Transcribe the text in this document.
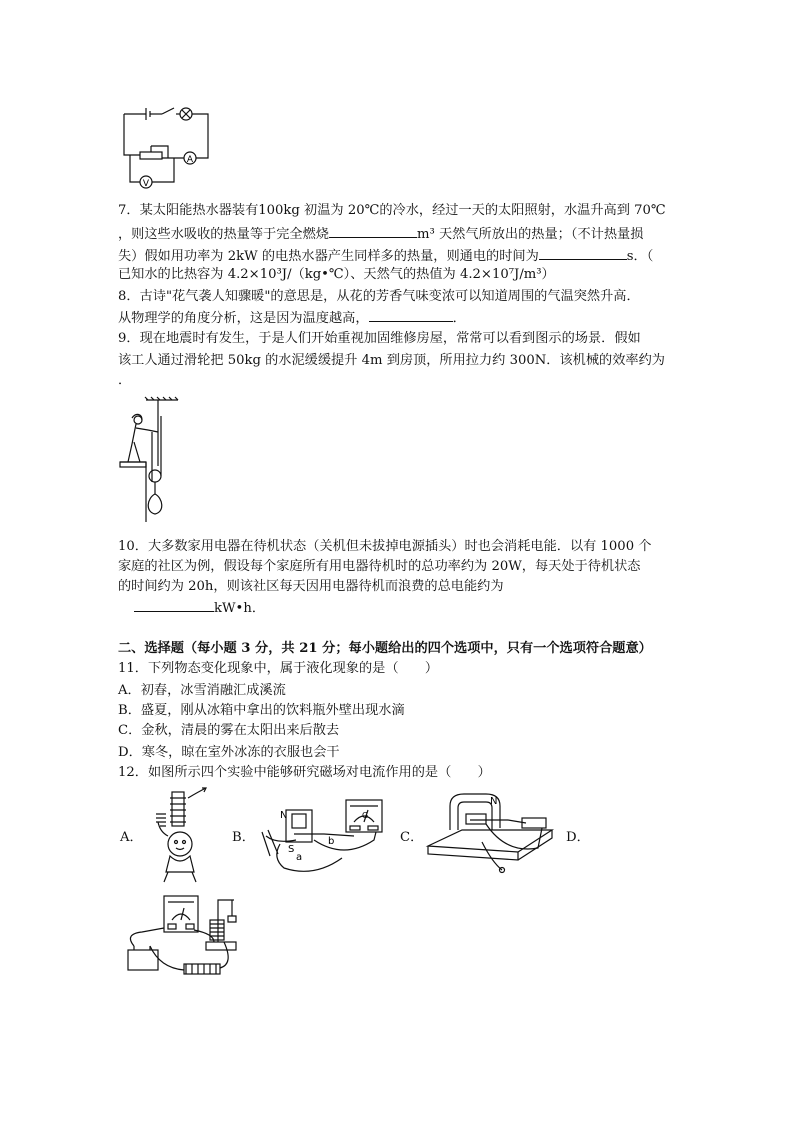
A
V
7．某太阳能热水器装有100kg 初温为 20℃的冷水，经过一天的太阳照射，水温升高到 70℃
，则这些水吸收的热量等于完全燃烧	m³ 天然气所放出的热量；（不计热量损
失）假如用功率为 2kW 的电热水器产生同样多的热量，则通电的时间为	s．（
已知水的比热容为 4.2×10³J/（kg•℃）、天然气的热值为 4.2×10⁷J/m³）
8．古诗"花气袭人知骤暖"的意思是，从花的芳香气味变浓可以知道周围的气温突然升高．
从物理学的角度分析，这是因为温度越高，	．
9．现在地震时有发生，于是人们开始重视加固维修房屋，常常可以看到图示的场景．假如
该工人通过滑轮把 50kg 的水泥缓缓提升 4m 到房顶，所用拉力约 300N．该机械的效率约为
．
10．大多数家用电器在待机状态（关机但未拔掉电源插头）时也会消耗电能．以有 1000 个
家庭的社区为例，假设每个家庭所有用电器待机时的总功率约为 20W，每天处于待机状态
的时间约为 20h，则该社区每天因用电器待机而浪费的总电能约为
kW•h．
二、选择题（每小题 3 分，共 21 分；每小题给出的四个选项中，只有一个选项符合题意）
11．下列物态变化现象中，属于液化现象的是（　　）
A．初春，冰雪消融汇成溪流
B．盛夏，刚从冰箱中拿出的饮料瓶外壁出现水滴
C．金秋，清晨的雾在太阳出来后散去
D．寒冬，晾在室外冰冻的衣服也会干
12．如图所示四个实验中能够研究磁场对电流作用的是（　　）
A．	B．
N
S
a
b
G
C．
N
D．
